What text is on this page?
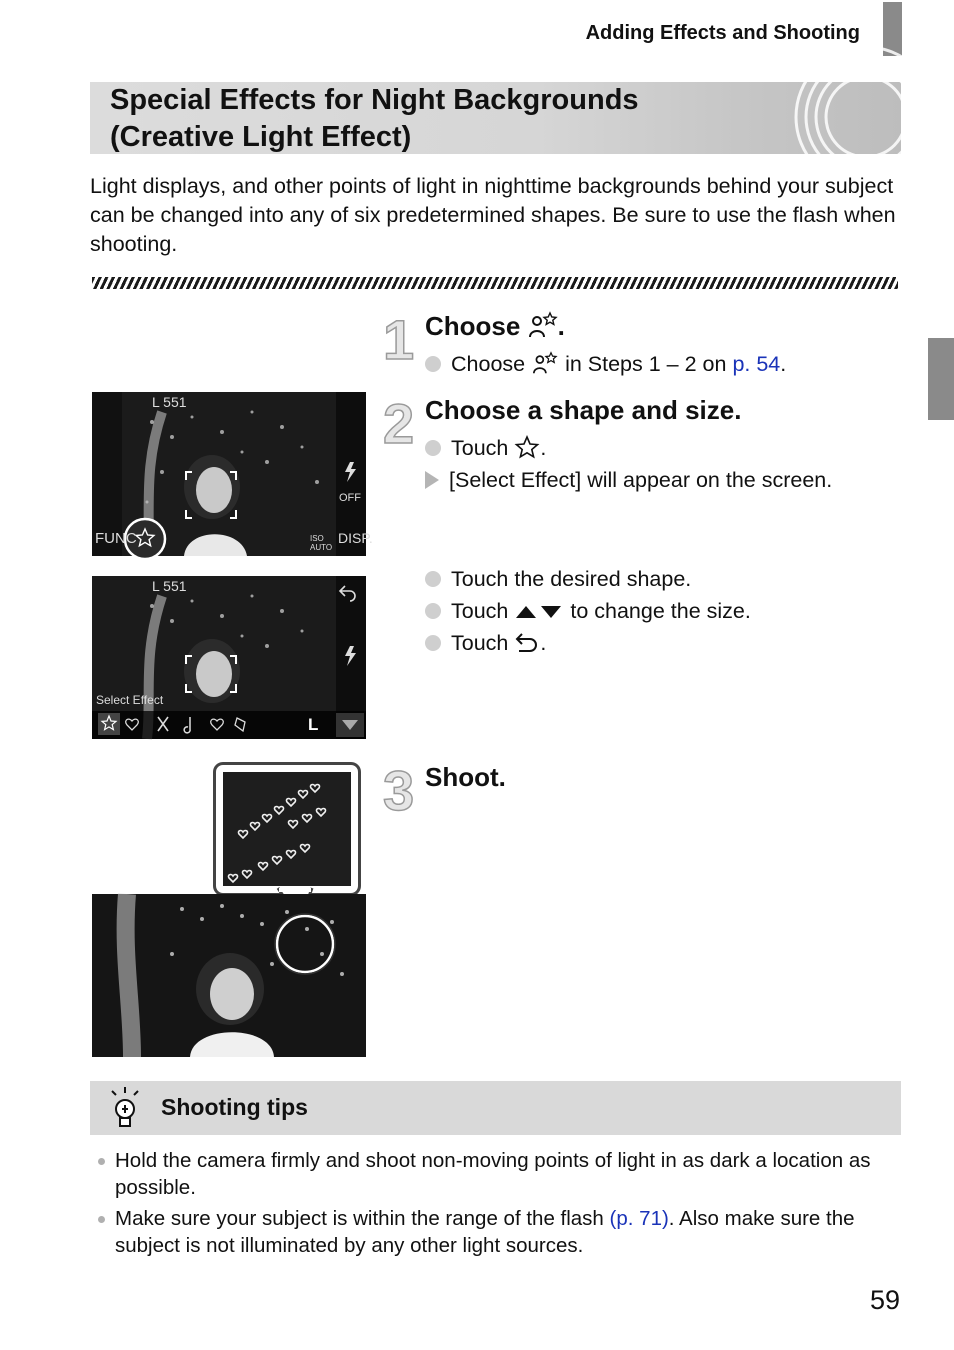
Adding Effects and Shooting
Special Effects for Night Backgrounds
(Creative Light Effect)
Light displays, and other points of light in nighttime backgrounds behind your subject can be changed into any of six predetermined shapes. Be sure to use the flash when shooting.
1 Choose .
Choose in Steps 1 – 2 on p. 54.
2 Choose a shape and size.
Touch .
[Select Effect] will appear on the screen.
Touch the desired shape.
Touch	to change the size.
Touch .
3 Shoot.
L 551
FUNC	DISP.
OFF
ISO AUTO
L 551
Select Effect
L
Shooting tips
Hold the camera firmly and shoot non-moving points of light in as dark a location as possible.
Make sure your subject is within the range of the flash (p. 71). Also make sure the subject is not illuminated by any other light sources.
59
